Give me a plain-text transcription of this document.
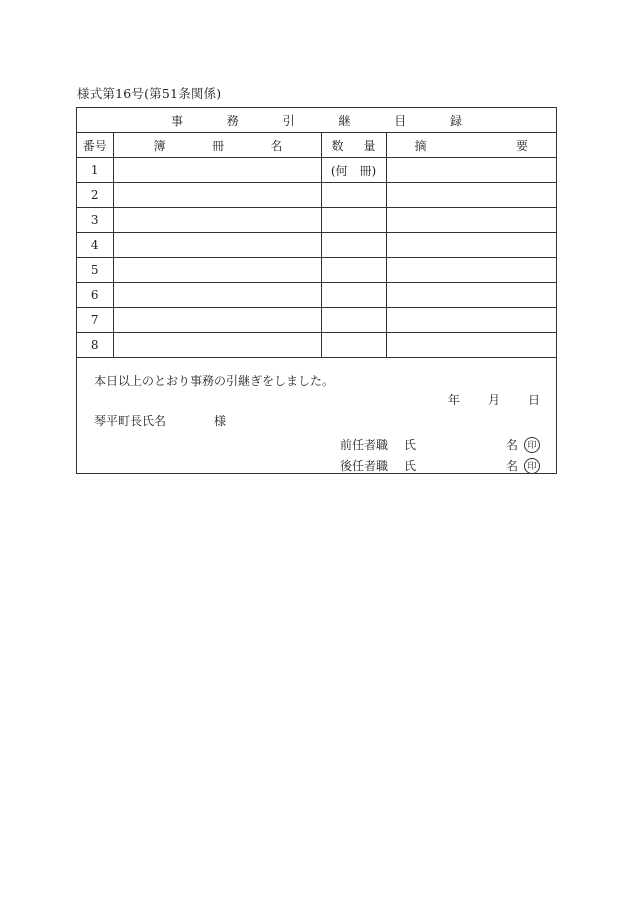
様式第16号(第51条関係)
事 務 引 継 目 録			
番号	簿 冊 名	数 量	摘 要

1		(何　冊)	
2			
3			
4			
5			
6			
7			
8			
本日以上のとおり事務の引継ぎをしました。
年 月 日
琴平町長氏名	様
前任者職	氏	名	印
後任者職	氏	名	印
